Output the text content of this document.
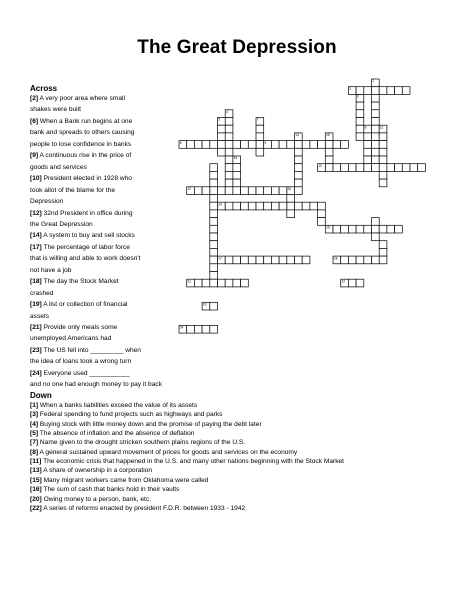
The Great Depression
Across
[2] A very poor area where small
shakes were built
[6] When a Bank run begins at one
bank and spreads to others causing
people to lose confidence in banks
[9] A continuous rise in the price of
goods and services
[10] President elected in 1928 who
took allot of the blame for the
Depression
[12] 32nd President in office during
the Great Depression
[14] A system to buy and sell stocks
[17] The percentage of labor force
that is willing and able to work doesn't
not have a job
[18] The day the Stock Market
crashed
[19] A list or collection of financial
assets
[21] Provide only meals some
unemployed Americans had
[23] The US fell into _________ when
the idea of loans took a wrong turn
[24] Everyone used ___________
and no one had enough money to pay it back
Down
[1] When a banks liabilities exceed the value of its assets
[3] Federal spending to fund projects such as highways and parks
[4] Buying stock with little money down and the promise of paying the debt later
[5] The absence of inflation and the absence of deflation
[7] Name given to the drought stricken southern plains regions of the U.S.
[8] A general sustained upward movement of prices for goods and services on the economy
[11] The economic crisis that happened in the U.S. and many other nations beginning with the Stock Market
[13] A share of ownership in a corporation
[15] Many migrant workers came from Oklahoma were called
[16] The sum of cash that banks hold in their vaults
[20] Owing money to a person, bank, etc.
[22] A series of reforms enacted by president F.D.R. between 1933 - 1942
1
2
3
4
5
6
7
8
9
10
11
12
13
14
15
16
17	18
19
20
21	22
23
24
